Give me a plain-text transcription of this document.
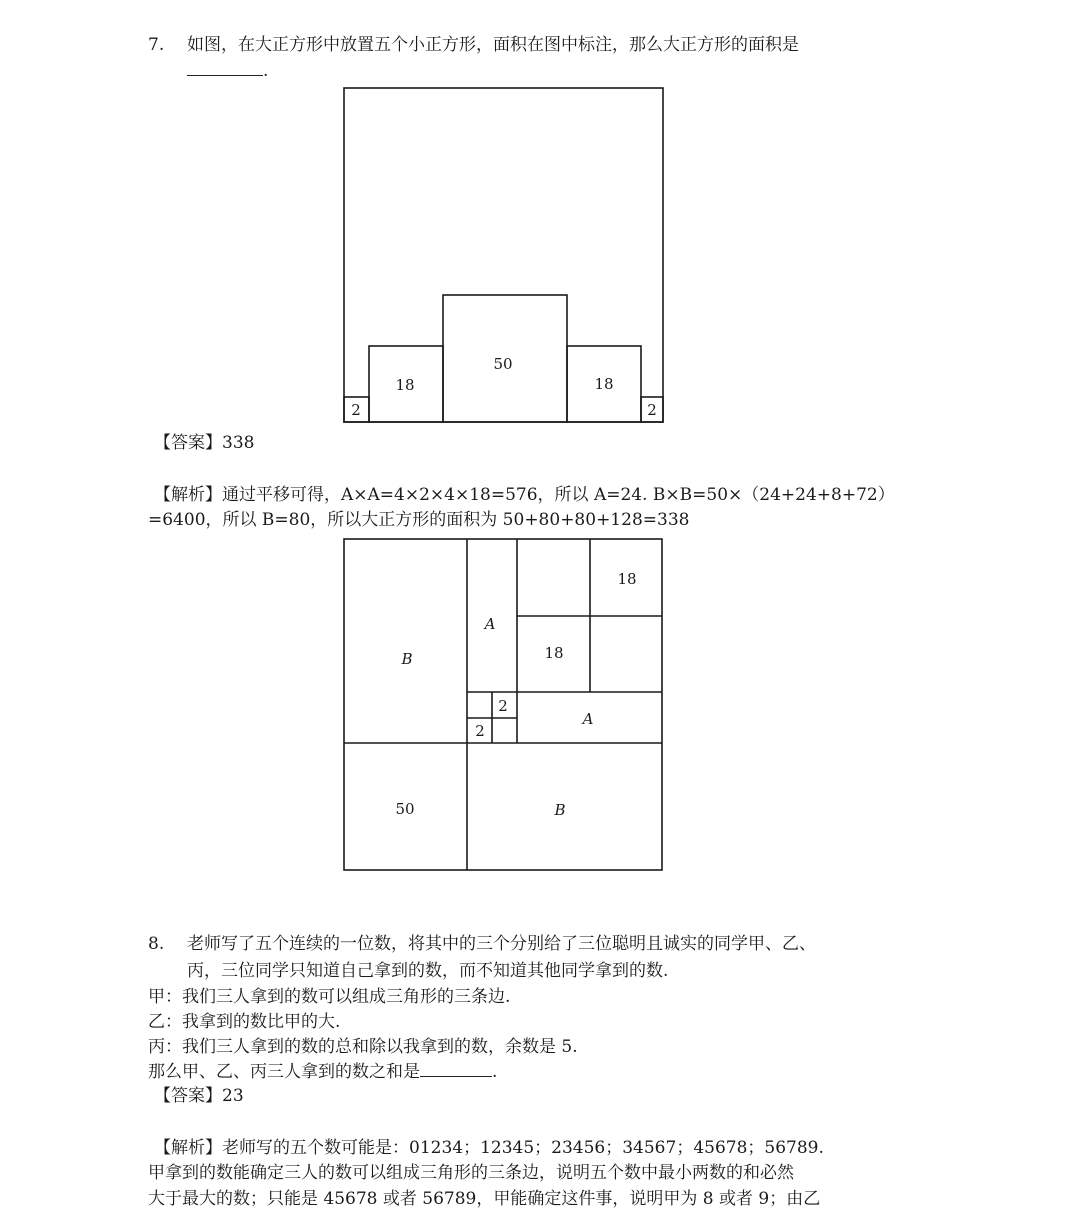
7. 如图，在大正方形中放置五个小正方形，面积在图中标注，那么大正方形的面积是
.
2
18
50
18
2
【答案】338
【解析】通过平移可得，A×A=4×2×4×18=576，所以 A=24. B×B=50×（24+24+8+72）
=6400，所以 B=80，所以大正方形的面积为 50+80+80+128=338
B
A
18
18
2
2
A
50	B
8. 老师写了五个连续的一位数，将其中的三个分别给了三位聪明且诚实的同学甲、乙、
丙，三位同学只知道自己拿到的数，而不知道其他同学拿到的数.
甲：我们三人拿到的数可以组成三角形的三条边.
乙：我拿到的数比甲的大.
丙：我们三人拿到的数的总和除以我拿到的数，余数是 5.
那么甲、乙、丙三人拿到的数之和是	.
【答案】23
【解析】老师写的五个数可能是：01234；12345；23456；34567；45678；56789.
甲拿到的数能确定三人的数可以组成三角形的三条边，说明五个数中最小两数的和必然
大于最大的数；只能是 45678 或者 56789，甲能确定这件事，说明甲为 8 或者 9；由乙
